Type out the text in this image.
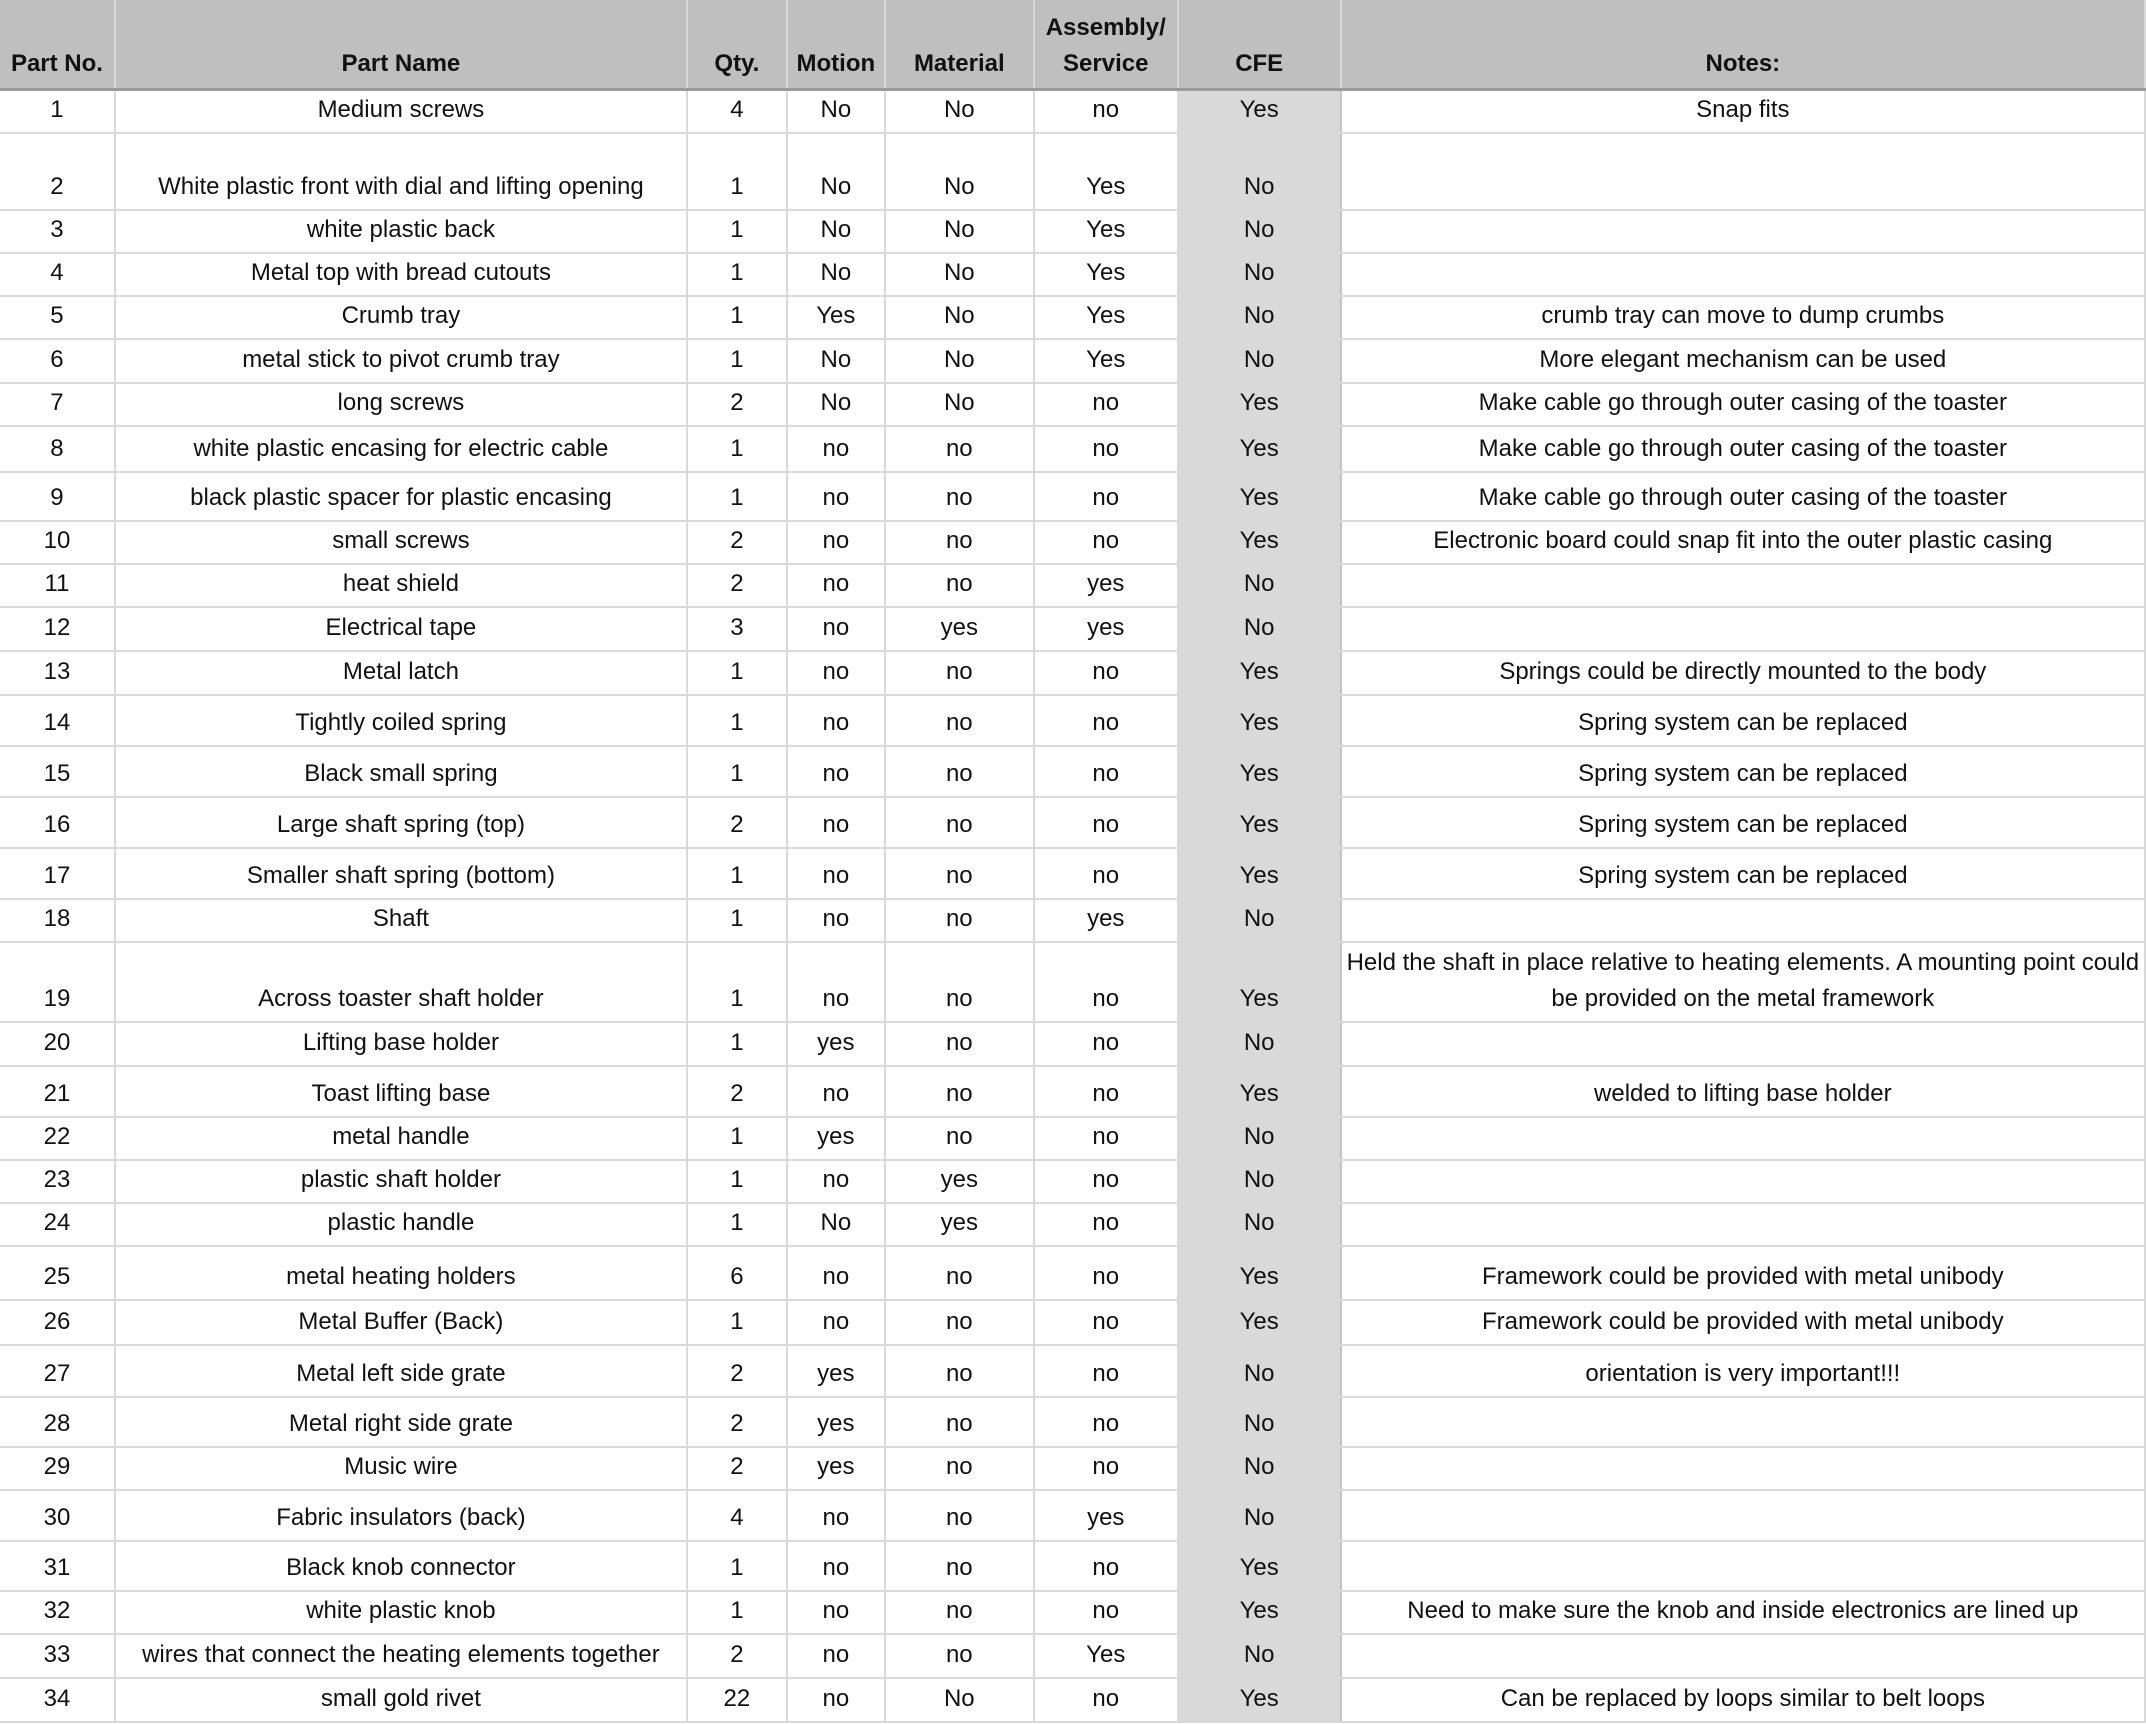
Part No.	Part Name	Qty.	Motion	Material	Assembly/ Service	CFE	Notes:
1	Medium screws	4	No	No	no	Yes	Snap fits
2	White plastic front with dial and lifting opening	1	No	No	Yes	No	
3	white plastic back	1	No	No	Yes	No	
4	Metal top with bread cutouts	1	No	No	Yes	No	
5	Crumb tray	1	Yes	No	Yes	No	crumb tray can move to dump crumbs
6	metal stick to pivot crumb tray	1	No	No	Yes	No	More elegant mechanism can be used
7	long screws	2	No	No	no	Yes	Make cable go through outer casing of the toaster
8	white plastic encasing for electric cable	1	no	no	no	Yes	Make cable go through outer casing of the toaster
9	black plastic spacer for plastic encasing	1	no	no	no	Yes	Make cable go through outer casing of the toaster
10	small screws	2	no	no	no	Yes	Electronic board could snap fit into the outer plastic casing
11	heat shield	2	no	no	yes	No	
12	Electrical tape	3	no	yes	yes	No	
13	Metal latch	1	no	no	no	Yes	Springs could be directly mounted to the body
14	Tightly coiled spring	1	no	no	no	Yes	Spring system can be replaced
15	Black small spring	1	no	no	no	Yes	Spring system can be replaced
16	Large shaft spring (top)	2	no	no	no	Yes	Spring system can be replaced
17	Smaller shaft spring (bottom)	1	no	no	no	Yes	Spring system can be replaced
18	Shaft	1	no	no	yes	No	
19	Across toaster shaft holder	1	no	no	no	Yes	Held the shaft in place relative to heating elements. A mounting point could be provided on the metal framework
20	Lifting base holder	1	yes	no	no	No	
21	Toast lifting base	2	no	no	no	Yes	welded to lifting base holder
22	metal handle	1	yes	no	no	No	
23	plastic shaft holder	1	no	yes	no	No	
24	plastic handle	1	No	yes	no	No	
25	metal heating holders	6	no	no	no	Yes	Framework could be provided with metal unibody
26	Metal Buffer (Back)	1	no	no	no	Yes	Framework could be provided with metal unibody
27	Metal left side grate	2	yes	no	no	No	orientation is very important!!!
28	Metal right side grate	2	yes	no	no	No	
29	Music wire	2	yes	no	no	No	
30	Fabric insulators (back)	4	no	no	yes	No	
31	Black knob connector	1	no	no	no	Yes	
32	white plastic knob	1	no	no	no	Yes	Need to make sure the knob and inside electronics are lined up
33	wires that connect the heating elements together	2	no	no	Yes	No	
34	small gold rivet	22	no	No	no	Yes	Can be replaced by loops similar to belt loops
